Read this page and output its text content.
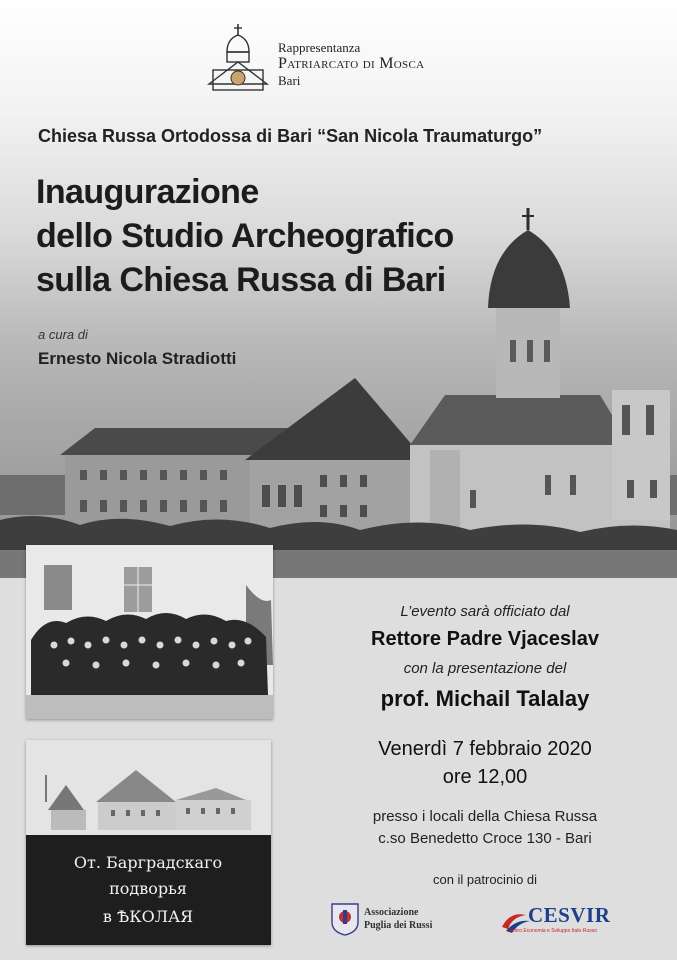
Rappresentanza
Patriarcato di Mosca
Bari
Chiesa Russa Ortodossa di Bari “San Nicola Traumaturgo”
Inaugurazione
dello Studio Archeografico
sulla Chiesa Russa di Bari
a cura di
Ernesto Nicola Stradiotti
От. Барградскаго
подворья
в ѢКОЛАЯ
L’evento sarà officiato dal
Rettore Padre Vjaceslav
con la presentazione del
prof. Michail Talalay
Venerdì 7 febbraio 2020
ore 12,00
presso i locali della Chiesa Russa
c.so Benedetto Croce 130 - Bari
con il patrocinio di
Associazione
Puglia dei Russi	CESVIR
Centro Economia e Sviluppo Italo-Russo
